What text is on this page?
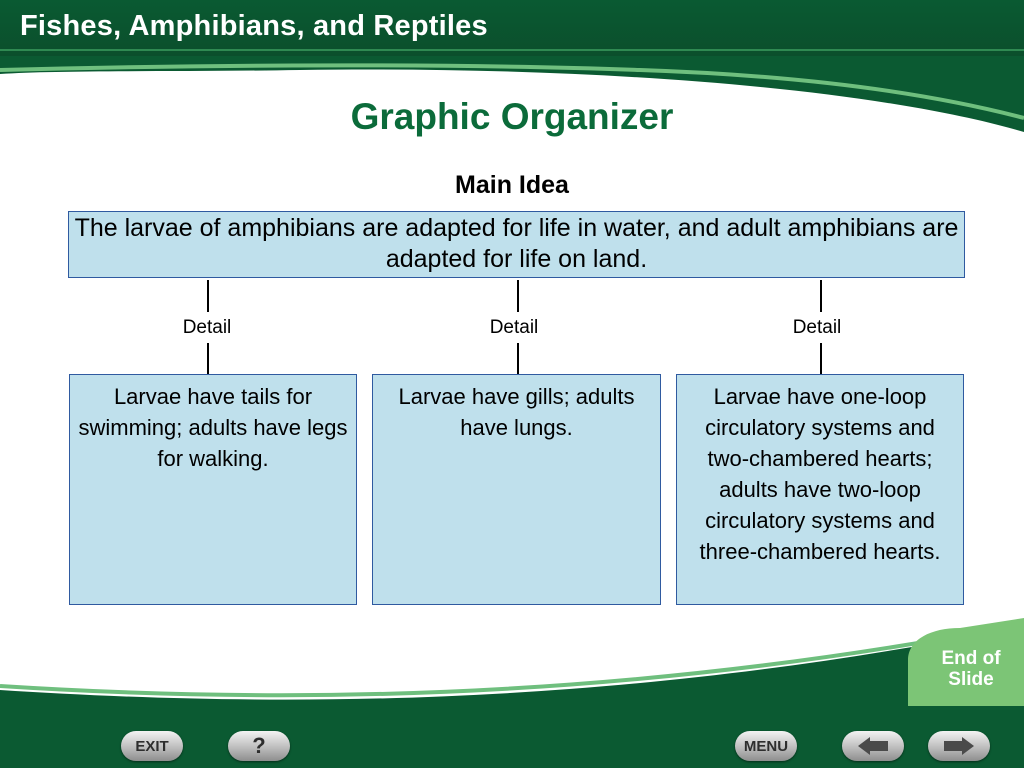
Fishes, Amphibians, and Reptiles
Graphic Organizer
Main Idea
The larvae of amphibians are adapted for life in water, and adult amphibians are adapted for life on land.
Detail	Detail	Detail
Larvae have tails for swimming; adults have legs for walking.
Larvae have gills; adults have lungs.
Larvae have one-loop circulatory systems and two-chambered hearts; adults have two-loop circulatory systems and three-chambered hearts.
End of
Slide
EXIT	?	MENU
